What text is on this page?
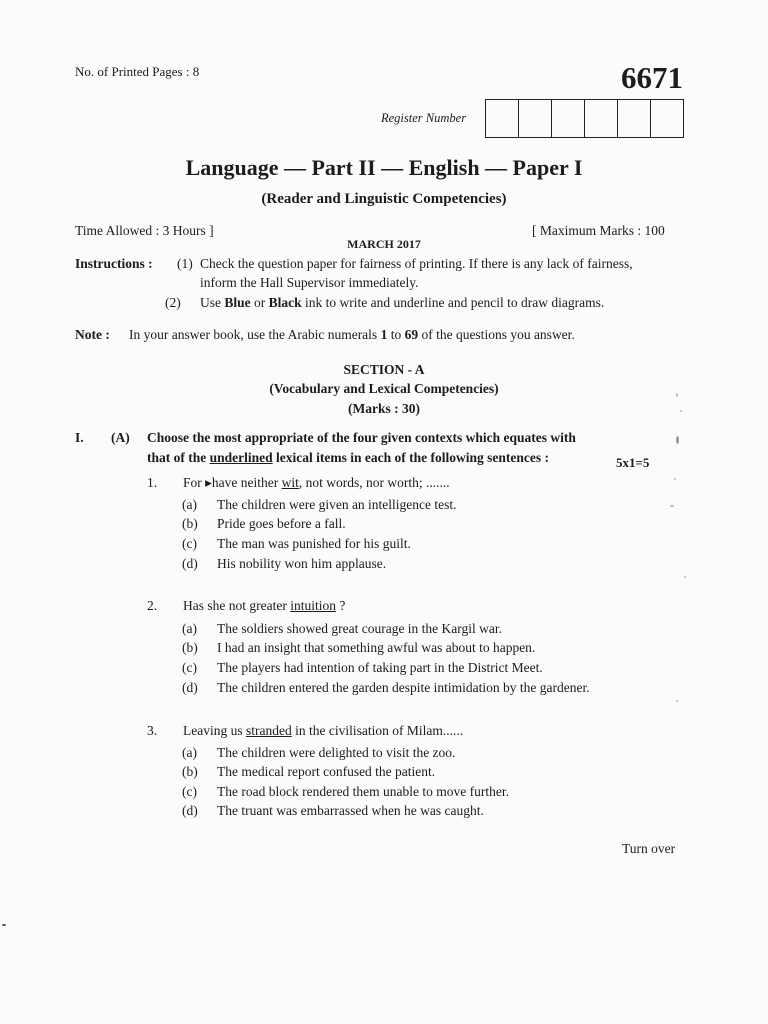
No. of Printed Pages : 8	6671
Register Number
Language — Part II — English — Paper I
(Reader and Linguistic Competencies)
Time Allowed : 3 Hours ]	[ Maximum Marks : 100
MARCH 2017
Instructions : (1) Check the question paper for fairness of printing. If there is any lack of fairness,
inform the Hall Supervisor immediately.
(2) Use Blue or Black ink to write and underline and pencil to draw diagrams.
Note : In your answer book, use the Arabic numerals 1 to 69 of the questions you answer.
SECTION - A
(Vocabulary and Lexical Competencies)
(Marks : 30)
I. (A) Choose the most appropriate of the four given contexts which equates with
that of the underlined lexical items in each of the following sentences :	5x1=5
1. For ▸have neither wit, not words, nor worth; .......
(a) The children were given an intelligence test.
(b) Pride goes before a fall.
(c) The man was punished for his guilt.
(d) His nobility won him applause.
2. Has she not greater intuition ?
(a) The soldiers showed great courage in the Kargil war.
(b) I had an insight that something awful was about to happen.
(c) The players had intention of taking part in the District Meet.
(d) The children entered the garden despite intimidation by the gardener.
3. Leaving us stranded in the civilisation of Milam......
(a) The children were delighted to visit the zoo.
(b) The medical report confused the patient.
(c) The road block rendered them unable to move further.
(d) The truant was embarrassed when he was caught.
Turn over
